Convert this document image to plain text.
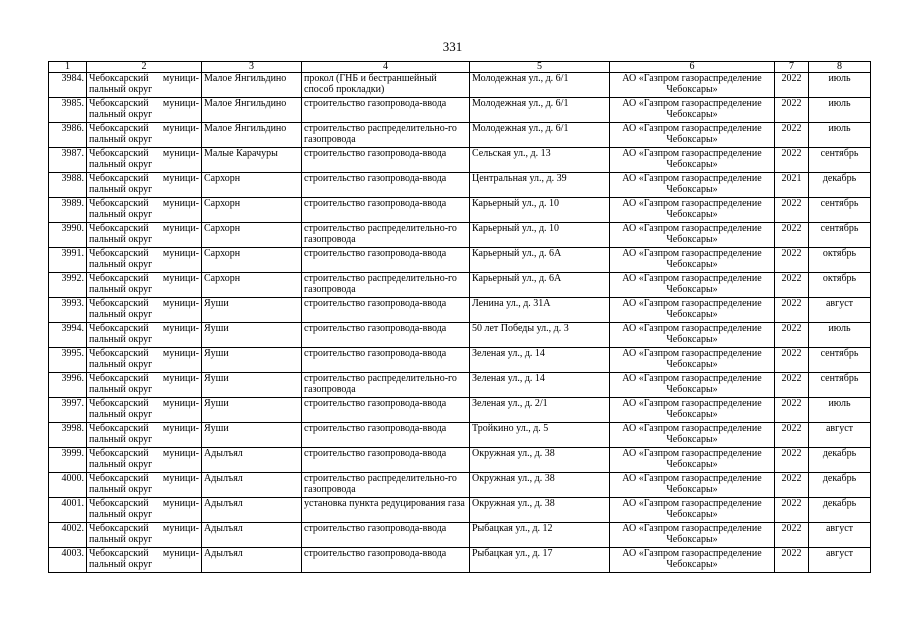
331
1	2	3	4	5	6	7	8
3984.	Чебоксарский муници-пальный округ	Малое Янгильдино	прокол (ГНБ и бестраншейный способ прокладки)	Молодежная ул., д. 6/1	АО «Газпром газораспределение Чебоксары»	2022	июль
3985.	Чебоксарский муници-пальный округ	Малое Янгильдино	строительство газопровода-ввода	Молодежная ул., д. 6/1	АО «Газпром газораспределение Чебоксары»	2022	июль
3986.	Чебоксарский муници-пальный округ	Малое Янгильдино	строительство распределительно-го газопровода	Молодежная ул., д. 6/1	АО «Газпром газораспределение Чебоксары»	2022	июль
3987.	Чебоксарский муници-пальный округ	Малые Карачуры	строительство газопровода-ввода	Сельская ул., д. 13	АО «Газпром газораспределение Чебоксары»	2022	сентябрь
3988.	Чебоксарский муници-пальный округ	Сархорн	строительство газопровода-ввода	Центральная ул., д. 39	АО «Газпром газораспределение Чебоксары»	2021	декабрь
3989.	Чебоксарский муници-пальный округ	Сархорн	строительство газопровода-ввода	Карьерный ул., д. 10	АО «Газпром газораспределение Чебоксары»	2022	сентябрь
3990.	Чебоксарский муници-пальный округ	Сархорн	строительство распределительно-го газопровода	Карьерный ул., д. 10	АО «Газпром газораспределение Чебоксары»	2022	сентябрь
3991.	Чебоксарский муници-пальный округ	Сархорн	строительство газопровода-ввода	Карьерный ул., д. 6А	АО «Газпром газораспределение Чебоксары»	2022	октябрь
3992.	Чебоксарский муници-пальный округ	Сархорн	строительство распределительно-го газопровода	Карьерный ул., д. 6А	АО «Газпром газораспределение Чебоксары»	2022	октябрь
3993.	Чебоксарский муници-пальный округ	Яуши	строительство газопровода-ввода	Ленина ул., д. 31А	АО «Газпром газораспределение Чебоксары»	2022	август
3994.	Чебоксарский муници-пальный округ	Яуши	строительство газопровода-ввода	50 лет Победы ул., д. 3	АО «Газпром газораспределение Чебоксары»	2022	июль
3995.	Чебоксарский муници-пальный округ	Яуши	строительство газопровода-ввода	Зеленая ул., д. 14	АО «Газпром газораспределение Чебоксары»	2022	сентябрь
3996.	Чебоксарский муници-пальный округ	Яуши	строительство распределительно-го газопровода	Зеленая ул., д. 14	АО «Газпром газораспределение Чебоксары»	2022	сентябрь
3997.	Чебоксарский муници-пальный округ	Яуши	строительство газопровода-ввода	Зеленая ул., д. 2/1	АО «Газпром газораспределение Чебоксары»	2022	июль
3998.	Чебоксарский муници-пальный округ	Яуши	строительство газопровода-ввода	Тройкино ул., д. 5	АО «Газпром газораспределение Чебоксары»	2022	август
3999.	Чебоксарский муници-пальный округ	Адылъял	строительство газопровода-ввода	Окружная ул., д. 38	АО «Газпром газораспределение Чебоксары»	2022	декабрь
4000.	Чебоксарский муници-пальный округ	Адылъял	строительство распределительно-го газопровода	Окружная ул., д. 38	АО «Газпром газораспределение Чебоксары»	2022	декабрь
4001.	Чебоксарский муници-пальный округ	Адылъял	установка пункта редуцирования газа	Окружная ул., д. 38	АО «Газпром газораспределение Чебоксары»	2022	декабрь
4002.	Чебоксарский муници-пальный округ	Адылъял	строительство газопровода-ввода	Рыбацкая ул., д. 12	АО «Газпром газораспределение Чебоксары»	2022	август
4003.	Чебоксарский муници-пальный округ	Адылъял	строительство газопровода-ввода	Рыбацкая ул., д. 17	АО «Газпром газораспределение Чебоксары»	2022	август
